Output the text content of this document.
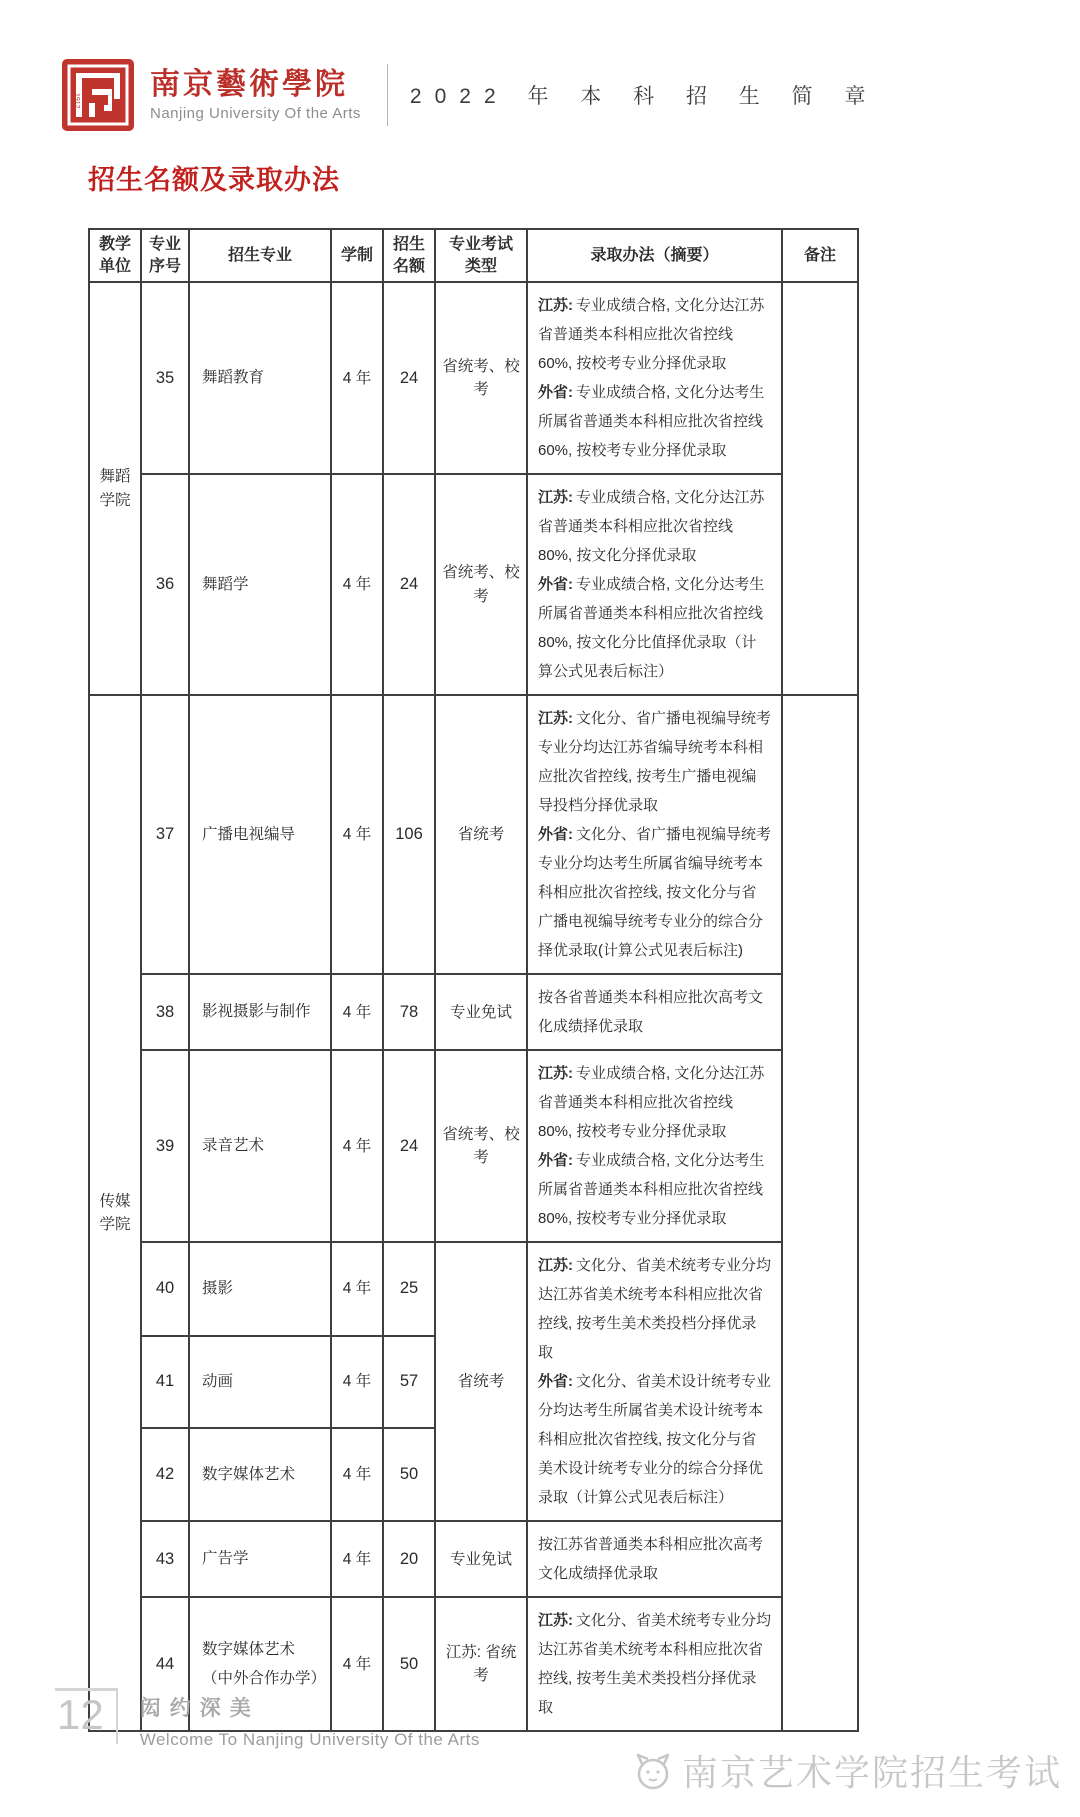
1912 南京藝術學院
Nanjing University Of the Arts
2022 年 本 科 招 生 简 章
招生名额及录取办法
教学单位	专业序号	招生专业	学制	招生名额	专业考试类型	录取办法（摘要）	备注
舞蹈学院	35	舞蹈教育	4 年	24	省统考、校考	江苏: 专业成绩合格, 文化分达江苏省普通类本科相应批次省控线 60%, 按校考专业分择优录取

外省: 专业成绩合格, 文化分达考生所属省普通类本科相应批次省控线 60%, 按校考专业分择优录取	

	36	舞蹈学	4 年	24	省统考、校考	江苏: 专业成绩合格, 文化分达江苏省普通类本科相应批次省控线 80%, 按文化分择优录取

外省: 专业成绩合格, 文化分达考生所属省普通类本科相应批次省控线 80%, 按文化分比值择优录取（计算公式见表后标注）	

传媒学院	37	广播电视编导	4 年	106	省统考	江苏: 文化分、省广播电视编导统考专业分均达江苏省编导统考本科相应批次省控线, 按考生广播电视编导投档分择优录取

外省: 文化分、省广播电视编导统考专业分均达考生所属省编导统考本科相应批次省控线, 按文化分与省广播电视编导统考专业分的综合分择优录取(计算公式见表后标注)	

	38	影视摄影与制作	4 年	78	专业免试	按各省普通类本科相应批次高考文化成绩择优录取	

	39	录音艺术	4 年	24	省统考、校考	江苏: 专业成绩合格, 文化分达江苏省普通类本科相应批次省控线 80%, 按校考专业分择优录取

外省: 专业成绩合格, 文化分达考生所属省普通类本科相应批次省控线 80%, 按校考专业分择优录取	

	40	摄影	4 年	25	省统考	江苏: 文化分、省美术统考专业分均达江苏省美术统考本科相应批次省控线, 按考生美术类投档分择优录取

外省: 文化分、省美术设计统考专业分均达考生所属省美术设计统考本科相应批次省控线, 按文化分与省美术设计统考专业分的综合分择优录取（计算公式见表后标注）	

	41	动画	4 年	57			
	42	数字媒体艺术	4 年	50			
	43	广告学	4 年	20	专业免试	按江苏省普通类本科相应批次高考文化成绩择优录取	

	44	数字媒体艺术（中外合作办学）	4 年	50	江苏: 省统考	江苏: 文化分、省美术统考专业分均达江苏省美术统考本科相应批次省控线, 按考生美术类投档分择优录取	

12	闳约深美
Welcome To Nanjing University Of the Arts
南京艺术学院招生考试
